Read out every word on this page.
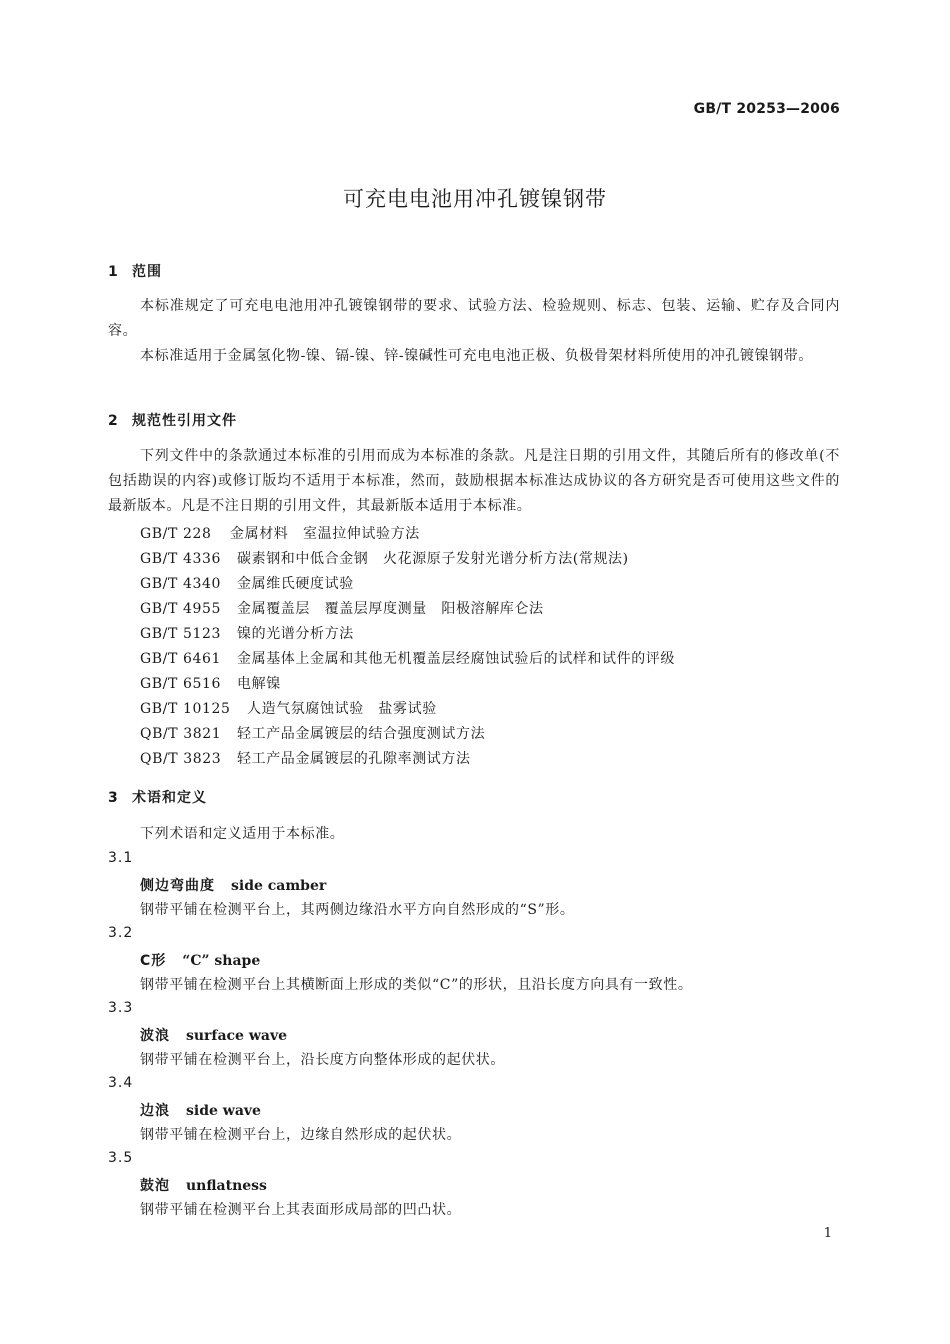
GB/T 20253—2006
可充电电池用冲孔镀镍钢带
1 范围
本标准规定了可充电电池用冲孔镀镍钢带的要求、试验方法、检验规则、标志、包装、运输、贮存及合同内容。
本标准适用于金属氢化物-镍、镉-镍、锌-镍碱性可充电电池正极、负极骨架材料所使用的冲孔镀镍钢带。
2 规范性引用文件
下列文件中的条款通过本标准的引用而成为本标准的条款。凡是注日期的引用文件，其随后所有的修改单(不包括勘误的内容)或修订版均不适用于本标准，然而，鼓励根据本标准达成协议的各方研究是否可使用这些文件的最新版本。凡是不注日期的引用文件，其最新版本适用于本标准。
GB/T 228 金属材料　室温拉伸试验方法
GB/T 4336 碳素钢和中低合金钢　火花源原子发射光谱分析方法(常规法)
GB/T 4340 金属维氏硬度试验
GB/T 4955 金属覆盖层　覆盖层厚度测量　阳极溶解库仑法
GB/T 5123 镍的光谱分析方法
GB/T 6461 金属基体上金属和其他无机覆盖层经腐蚀试验后的试样和试件的评级
GB/T 6516 电解镍
GB/T 10125 人造气氛腐蚀试验　盐雾试验
QB/T 3821 轻工产品金属镀层的结合强度测试方法
QB/T 3823 轻工产品金属镀层的孔隙率测试方法
3 术语和定义
下列术语和定义适用于本标准。
3.1
侧边弯曲度 side camber
钢带平铺在检测平台上，其两侧边缘沿水平方向自然形成的“S”形。
3.2
C形 “C” shape
钢带平铺在检测平台上其横断面上形成的类似“C”的形状，且沿长度方向具有一致性。
3.3
波浪 surface wave
钢带平铺在检测平台上，沿长度方向整体形成的起伏状。
3.4
边浪 side wave
钢带平铺在检测平台上，边缘自然形成的起伏状。
3.5
鼓泡 unflatness
钢带平铺在检测平台上其表面形成局部的凹凸状。
1
